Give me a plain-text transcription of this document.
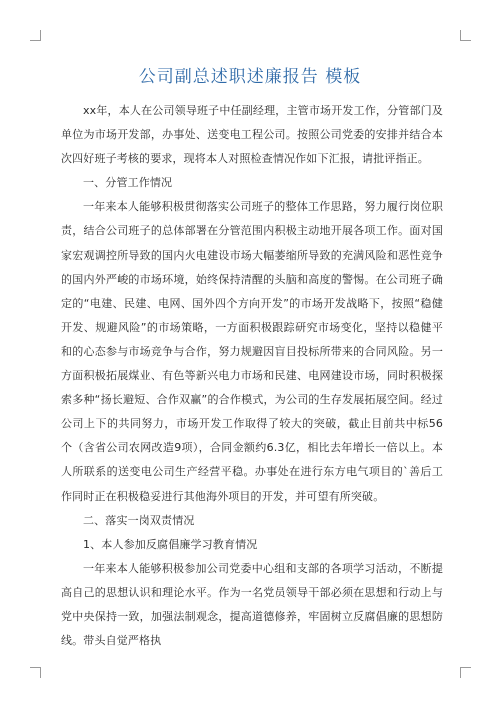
公司副总述职述廉报告 模板

xx年，本人在公司领导班子中任副经理，主管市场开发工作，分管部门及单位为市场开发部，办事处、送变电工程公司。按照公司党委的安排并结合本次四好班子考核的要求，现将本人对照检查情况作如下汇报，请批评指正。

一、分管工作情况

一年来本人能够积极贯彻落实公司班子的整体工作思路，努力履行岗位职责，结合公司班子的总体部署在分管范围内积极主动地开展各项工作。面对国家宏观调控所导致的国内火电建设市场大幅萎缩所导致的充满风险和恶性竞争的国内外严峻的市场环境，始终保持清醒的头脑和高度的警惕。在公司班子确定的“电建、民建、电网、国外四个方向开发”的市场开发战略下，按照“稳健开发、规避风险”的市场策略，一方面积极跟踪研究市场变化，坚持以稳健平和的心态参与市场竞争与合作，努力规避因盲目投标所带来的合同风险。另一方面积极拓展煤业、有色等新兴电力市场和民建、电网建设市场，同时积极探索多种“扬长避短、合作双赢”的合作模式，为公司的生存发展拓展空间。经过公司上下的共同努力，市场开发工作取得了较大的突破，截止目前共中标56个（含省公司农网改造9项），合同金额约6.3亿，相比去年增长一倍以上。本人所联系的送变电公司生产经营平稳。办事处在进行东方电气项目的`善后工作同时正在积极稳妥进行其他海外项目的开发，并可望有所突破。

二、落实一岗双责情况

1、本人参加反腐倡廉学习教育情况

一年来本人能够积极参加公司党委中心组和支部的各项学习活动，不断提高自己的思想认识和理论水平。作为一名党员领导干部必须在思想和行动上与党中央保持一致，加强法制观念，提高道德修养，牢固树立反腐倡廉的思想防线。带头自觉严格执
